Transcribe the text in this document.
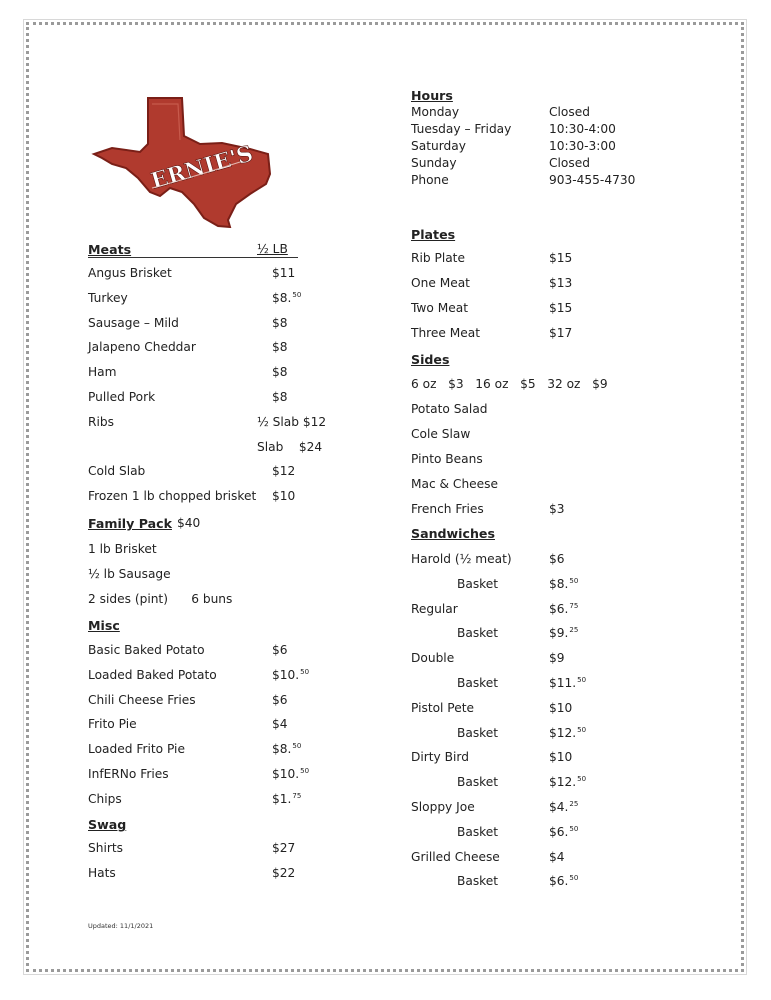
ERNIE'S
Hours
Monday	Closed
Tuesday – Friday	10:30-4:00
Saturday	10:30-3:00
Sunday	Closed
Phone	903-455-4730
Meats	½ LB
Angus Brisket	$11
Turkey	$8.50
Sausage – Mild	$8
Jalapeno Cheddar	$8
Ham	$8
Pulled Pork	$8
Ribs	½ Slab $12
Slab    $24
Cold Slab	$12
Frozen 1 lb chopped brisket $10
Family Pack $40
1 lb Brisket
½ lb Sausage
2 sides (pint)      6 buns
Misc
Basic Baked Potato	$6
Loaded Baked Potato	$10.50
Chili Cheese Fries	$6
Frito Pie	$4
Loaded Frito Pie	$8.50
InfERNo Fries	$10.50
Chips	$1.75
Swag
Shirts	$27
Hats	$22
Plates
Rib Plate	$15
One Meat	$13
Two Meat	$15
Three Meat	$17
Sides
6 oz   $3   16 oz   $5   32 oz   $9
Potato Salad
Cole Slaw
Pinto Beans
Mac & Cheese
French Fries	$3
Sandwiches
Harold (½ meat)	$6
Basket	$8.50
Regular	$6.75
Basket	$9.25
Double	$9
Basket	$11.50
Pistol Pete	$10
Basket	$12.50
Dirty Bird	$10
Basket	$12.50
Sloppy Joe	$4.25
Basket	$6.50
Grilled Cheese	$4
Basket	$6.50
Updated: 11/1/2021
